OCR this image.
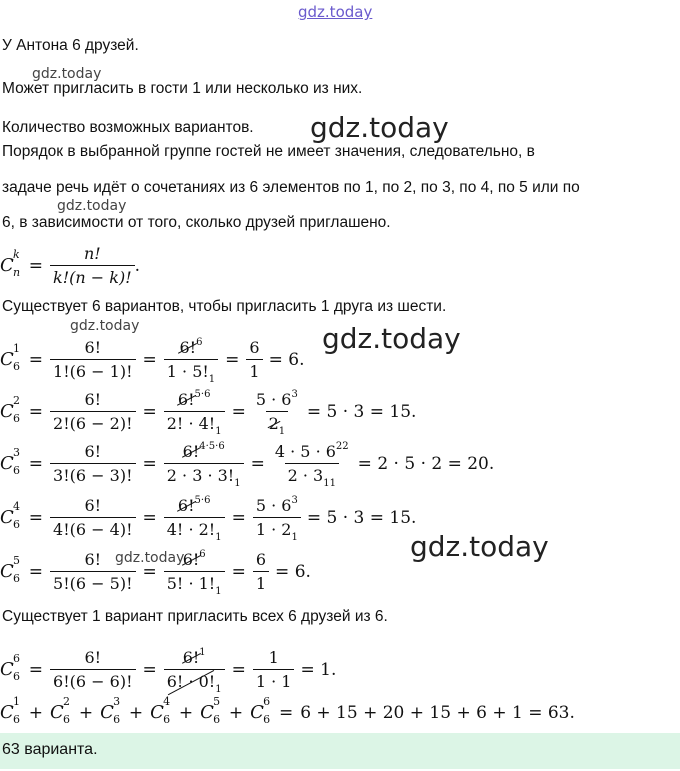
gdz.today
gdz.today
gdz.today
gdz.today
gdz.today	gdz.today
gdz.today
gdz.today
У Антона 6 друзей.
Может пригласить в гости 1 или несколько из них.
Количество возможных вариантов.
Порядок в выбранной группе гостей не имеет значения, следовательно, в
задаче речь идёт о сочетаниях из 6 элементов по 1, по 2, по 3, по 4, по 5 или по
6, в зависимости от того, сколько друзей приглашено.
C
k
$n = \frac{n!}{k!(n - k)!}$ .
Существует 6 вариантов, чтобы пригласить 1 друга из шести.
C
1
$6 = \frac{6!}{1!(6 - 1)!} = \frac{6!^6}{1 \cdot 5!_1} = \frac{6}{1} = 6$.
C
2
$6 = \frac{6!}{2!(6 - 2)!} = \frac{6!^{5\cdot 6}}{2! \cdot 4!_1} = \frac{5 \cdot 6^3}{2_1} = 5 \cdot 3 = 15$.
C
3
$6 = \frac{6!}{3!(6 - 3)!} = \frac{6!^{4\cdot 5\cdot 6}}{2 \cdot 3 \cdot 3!_1} = \frac{4 \cdot 5 \cdot 6^{22}}{2 \cdot 3_{11}} = 2 \cdot 5 \cdot 2 = 20$.
C
4
$6 = \frac{6!}{4!(6 - 4)!} = \frac{6!^{5\cdot 6}}{4! \cdot 2!_1} = \frac{5 \cdot 6^3}{1 \cdot 2_1} = 5 \cdot 3 = 15$.
C
5
$6 = \frac{6!}{5!(6 - 5)!} = \frac{6!^6}{5! \cdot 1!_1} = \frac{6}{1} = 6$.
Существует 1 вариант пригласить всех 6 друзей из 6.
C
6
$6 = \frac{6!}{6!(6 - 6)!} = \frac{6!^1}{6! \cdot 0!_1} = \frac{1}{1 \cdot 1} = 1$.
C
1
6 + C
2
6 + C
3
6 + C
4
6 + C
5
6 + C
6
6 = 6 + 15 + 20 + 15 + 6 + 1 = 63.
63 варианта.
